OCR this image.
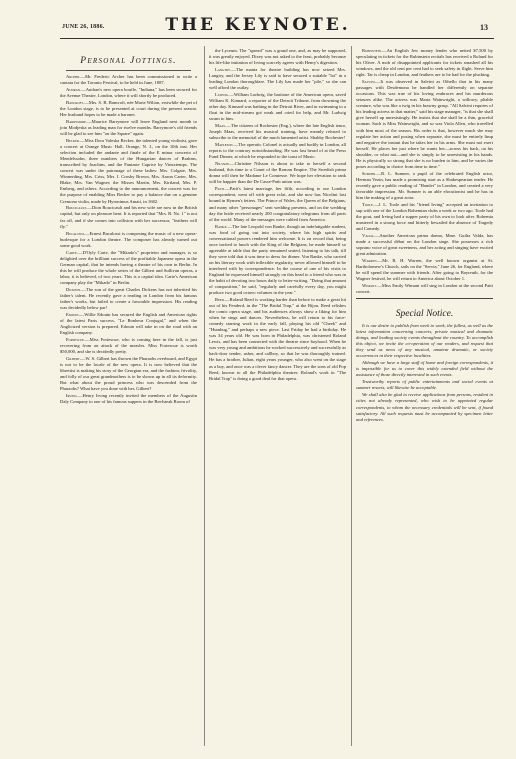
JUNE 26, 1886.	THE KEYNOTE.	13
Personal Jottings.

Archer.—Mr. Frederic Archer has been commissioned to write a cantata for the Toronto Festival, to be held in June, 1887.

Audran.—Audran's new opera bouffe, "Indiana," has been secured for the Avenue Theatre, London, where it will shortly be produced.

Bancroft.—Mrs. S. B. Bancroft, née Marie Wilton, erstwhile the pet of the London stage, is to be presented at court during the present season. Her husband hopes to be made a baronet.

Barrymore.—Maurice Barrymore will leave England next month to join Modjeska as leading man for twelve months. Barrymore's old friends will be glad to see him "on the Square" again.

Becker.—Miss Dora Valeska Becker, the talented young violinist, gave a concert at Orange Music Hall, Orange, N. J., on the 10th inst. Her selection included the andante and finale of the E minor concerto of Mendelssohn, three numbers of the Hungarian dances of Brahms, transcribed by Joachim, and the Fantasie Caprice by Vieuxtemps. The concert was under the patronage of these ladies: Mrs. Colgate, Mrs. Winnerding, Mrs. Criss, Mrs. I. Crosby Brown, Mrs. Aaron Carter, Mrs. Blake, Mrs. Van Wagner; the Misses Martin, Mrs. Kirtland, Mrs. P. Emberg, and others. According to the announcement, the concert was for the purpose of enabling Miss Becker to pay a balance due on a genuine Cremona violin, made by Hyronimus Amati, in 1682.

Boucicault.—Dion Boucicault and his new wife are now in the British capital, but only on pleasure bent. It is reported that "Mrs. B. No. 1" is not far off, and if she comes into collision with her successor, "feathers will fly."

Bucalossi.—Ernest Bucalossi is composing the music of a new opera-burlesque for a London theatre. The composer has already turned out some good work.

Carte.—D'Oyly Carte, the "Mikado's" proprietor and manager, is so delighted over the brilliant success of the profitable Japanese opera in the German capital, that he intends having a theatre of his own in Berlin. In this he will produce the whole series of the Gilbert and Sullivan operas, a labor, it is believed, of two years. This is a capital idea. Carte's American company play the "Mikado" in Berlin.

Dickens.—The son of the great Charles Dickens has not inherited his father's talent. He recently gave a reading in London from his famous father's works, but failed to create a favorable impression. His reading was decidedly below par!

Edouin.—Willie Edouin has secured the English and American rights of the latest Paris success, "Le Bonheur Conjugal," and when the Anglicized version is prepared, Edouin will take in on the road with an English company.

Fortescue.—Miss Fortescue, who is coming here in the fall, is just recovering from an attack of the measles. Miss Fortescue is worth $50,000, and she is decidedly pretty.

Gilbert.—W. S. Gilbert has thrown the Pharaohs overboard, and Egypt is not to be the locale of the new opera. It is now believed that the librettist is making his story of the Georgian era, and the fashion, frivolity, and folly of our great grandmothers is to be shown up in all its deformity. But what about the proud princess who was descended from the Pharaohs? What have you done with her, Gilbert?

Irving.—Henry Irving recently invited the members of the Augustin Daly Company to one of his famous suppers in the Beefsteak Room of

the Lyceum. The "spread" was a grand one, and, as may be supposed, it was greatly enjoyed. Dixey was not asked to the feast, probably because his life-like imitation of Irving scarcely agrees with Henry's digestion.

Langtry.—The mania for theatre building has now seized Mrs. Langtry, and the Jersey Lily is said to have secured a suitable "lot" in a leading London thoroughfare. The Lily has made her "pile," so she can well afford the outlay.

Ludwig.—William Ludwig, the baritone of the American opera, saved William K. Kinnard, a reporter of the Detroit Tribune, from drowning the other day. Kinnard was bathing in the Detroit River, and in swimming to a float in the mid-stream got weak and cried for help, and Mr. Ludwig swam to him.

Maas.—The citizens of Rochester (Eng.), where the late English tenor, Joseph Maas, received his musical training, have meanly refused to subscribe to the memorial of the much lamented artist. Shabby Rochester!

Mapleson.—The operatic Colonel is actually and bodily in London, all reports to the contrary notwithstanding. He was last heard of at the Press Fund Dinner, at which he responded to the toast of Music.

Nilsson.—Christine Nilsson is about to take to herself a second husband, this time to a Count of the Roman Empire. The Swedish prima donna will then be Madame Le Comtesse. We hope her elevation to rank will be happier than the De Casse-Patti union was.

Patti.—Patti's latest marriage, her fifth, according to our London correspondent, went off with great eclat, and she now has Nicolini fast bound in Hymen's fetters. The Prince of Wales, the Queen of the Belgians, and many other "personages" sent wedding presents, and on the wedding day the bride received nearly 200 congratulatory telegrams from all parts of the world. Many of the messages were cabled from America.

Ranke.—The late Leopold von Ranke, though an indefatigable student, was fond of going out into society, where his high spirits and conversational powers rendered him welcome. It is on record that, being once invited to lunch with the King of the Belgians, he made himself so agreeable at table that the party remained seated, listening to his talk, till they were told that it was time to dress for dinner. Von Ranke, who carried on his literary work with inflexible regularity, never allowed himself to be interfered with by correspondence. In the course of one of his visits to England he expressed himself strongly on this head to a friend who was in the habit of devoting two hours daily to letter-writing. "Doing that amount of composition," he said, "regularly and carefully every day, you might produce two good octavo volumes in the year."

Reed.—Roland Reed is working harder than before to make a great hit out of his Fenderd, in the "The Bridal Trap," at the Bijou. Reed relishes the comic opera stage, and his audiences always show a liking for him when he sings and dances. Nevertheless, he will return to his farce-comedy starring work in the early fall, playing his old "Cheek" and "Humbug," and perhaps a new piece. Last Friday he had a birthday. He was 34 years old. He was born in Philadelphia, was christened Roland Lewis, and has been connected with the theatre since boyhood. When he was very young and ambitious he worked successively and successfully as back-door tender, usher, and callboy, so that he was thoroughly trained. He has a brother, Julian, eight years younger, who also went on the stage as a boy, and once was a clever fancy dancer. They are the sons of old Pop Reed, known to all the Philadelphia theatres. Roland's work in "The Bridal Trap" is doing a good deal for that opera.

Rubinstein.—An English Jew money lender who netted $7,500 by speculating in tickets for the Rubinstein recitals has received a Roland for his Oliver. A mob of disappointed applicants for tickets smashed all his windows, and the old cent per cent had to seek safety in flight. Serve him right. Tar is cheap in London, and feathers are to be had for the plucking.

Salvini.—It was observed in Salvini as Othello that in his many passages with Desdemona he handled her differently on separate occasions. This was true of his loving embraces and his murderous seizures alike. The actress was Maria Wainwright, a willowy, pliable creature, who was like a twig in his brawny grasp. "All Salvini requires of his leading actress in that matter," said his stage manager, "is that she shall give herself up unresistingly. He insists that she shall be a thin, graceful woman. Such is Miss Wainwright, and so was Viola Allen, who travelled with him most of the season. His order is that, however much she may regulate her action and posing when separate, she must be entirely limp and negative the instant that he takes her in his arms. She must not exert herself. He places her just where he wants her—across his back, on his shoulder, or what not—and she is simply to be unresisting in his hands. He is physically so strong that she is no burden to him, and he varies the poses according to choice from time to time."

Sumner.—R. L. Sumner, a pupil of the celebrated English actor, Herman Vezin, has made a promising start as a Shakespearian reader. He recently gave a public reading of "Hamlet" in London, and created a very favorable impression. Mr. Sumner is an able elocutionist and he has in him the making of a great actor.

Toole.—J. L. Toole and his "friend Irving" accepted an invitation to sup with one of the London Bohemian clubs a week or two ago. Toole had the gout, and Irving had a supper party of his own to look after. Bohemia mustered in a strong force and bitterly bewailed the absence of Tragedy and Comedy.

Valda.—Another American prima donna, Mme. Guilia Valda, has made a successful début on the London stage. She possesses a rich soprano voice of great sweetness, and her acting and singing have excited great admiration.

Warren.—Mr. R. H. Warren, the well known organist at St. Bartholomew's Church, sails on the "Servia," June 26, for England, where he will spend the summer with friends. After going to Bayreuth, for the Wagner festival, he will return to America about October 1.

Wimant.—Miss Emily Wimant will sing in London at the second Patti concert.

Special Notice.

It is our desire to publish from week to week, the fullest, as well as the latest information concerning concerts, private musical and dramatic doings, and leading society events throughout the country. To accomplish this object, we invite the co-operation of our readers, and request that they send us news of any musical, amateur dramatic, or society occurrences in their respective localities.

Although we have a large staff of home and foreign correspondents, it is impossible for us to cover this widely extended field without the assistance of those directly interested in such events.

Trustworthy reports of public entertainments and social events at summer resorts, will likewise be acceptable.

We shall also be glad to receive applications from persons, resident in cities not already represented, who wish to be appointed regular correspondents, to whom the necessary credentials will be sent, if found satisfactory. All such requests must be accompanied by specimen letter and references.
